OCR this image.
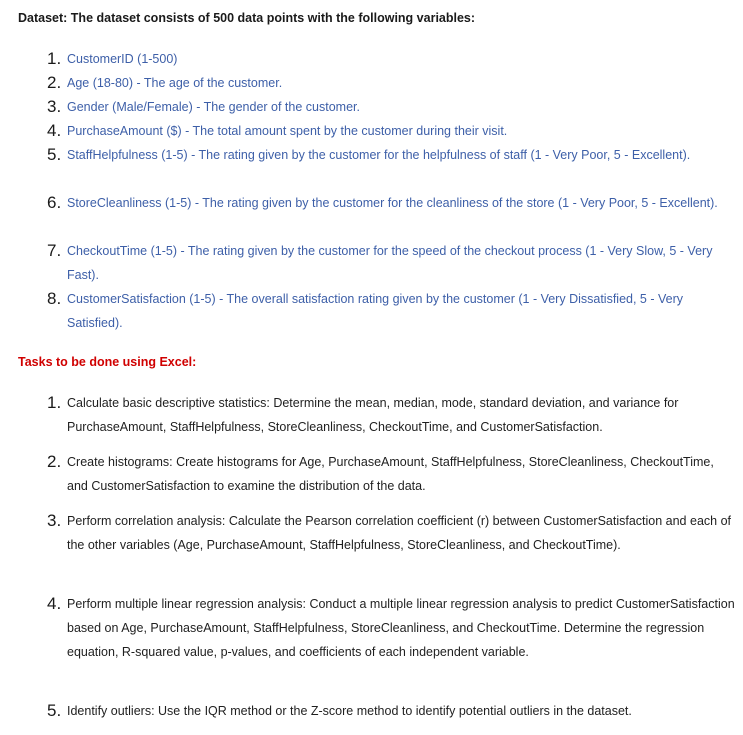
Dataset: The dataset consists of 500 data points with the following variables:
1. CustomerID (1-500)
2. Age (18-80) - The age of the customer.
3. Gender (Male/Female) - The gender of the customer.
4. PurchaseAmount ($) - The total amount spent by the customer during their visit.
5. StaffHelpfulness (1-5) - The rating given by the customer for the helpfulness of staff (1 - Very Poor, 5 - Excellent).
6. StoreCleanliness (1-5) - The rating given by the customer for the cleanliness of the store (1 - Very Poor, 5 - Excellent).
7. CheckoutTime (1-5) - The rating given by the customer for the speed of the checkout process (1 - Very Slow, 5 - Very Fast).
8. CustomerSatisfaction (1-5) - The overall satisfaction rating given by the customer (1 - Very Dissatisfied, 5 - Very Satisfied).
Tasks to be done using Excel:
1. Calculate basic descriptive statistics: Determine the mean, median, mode, standard deviation, and variance for PurchaseAmount, StaffHelpfulness, StoreCleanliness, CheckoutTime, and CustomerSatisfaction.
2. Create histograms: Create histograms for Age, PurchaseAmount, StaffHelpfulness, StoreCleanliness, CheckoutTime, and CustomerSatisfaction to examine the distribution of the data.
3. Perform correlation analysis: Calculate the Pearson correlation coefficient (r) between CustomerSatisfaction and each of the other variables (Age, PurchaseAmount, StaffHelpfulness, StoreCleanliness, and CheckoutTime).
4. Perform multiple linear regression analysis: Conduct a multiple linear regression analysis to predict CustomerSatisfaction based on Age, PurchaseAmount, StaffHelpfulness, StoreCleanliness, and CheckoutTime. Determine the regression equation, R-squared value, p-values, and coefficients of each independent variable.
5. Identify outliers: Use the IQR method or the Z-score method to identify potential outliers in the dataset.
